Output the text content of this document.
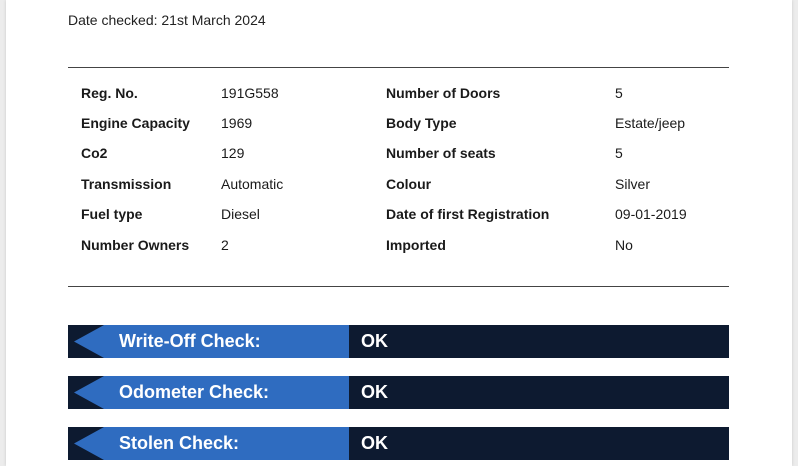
Date checked: 21st March 2024
Reg. No.	191G558	Number of Doors	5
Engine Capacity 1969	Body Type	Estate/jeep
Co2	129	Number of seats	5
Transmission	Automatic	Colour	Silver
Fuel type	Diesel	Date of first Registration	09-01-2019
Number Owners 2	Imported	No
Write-Off Check:	OK
Odometer Check:	OK
Stolen Check:	OK
